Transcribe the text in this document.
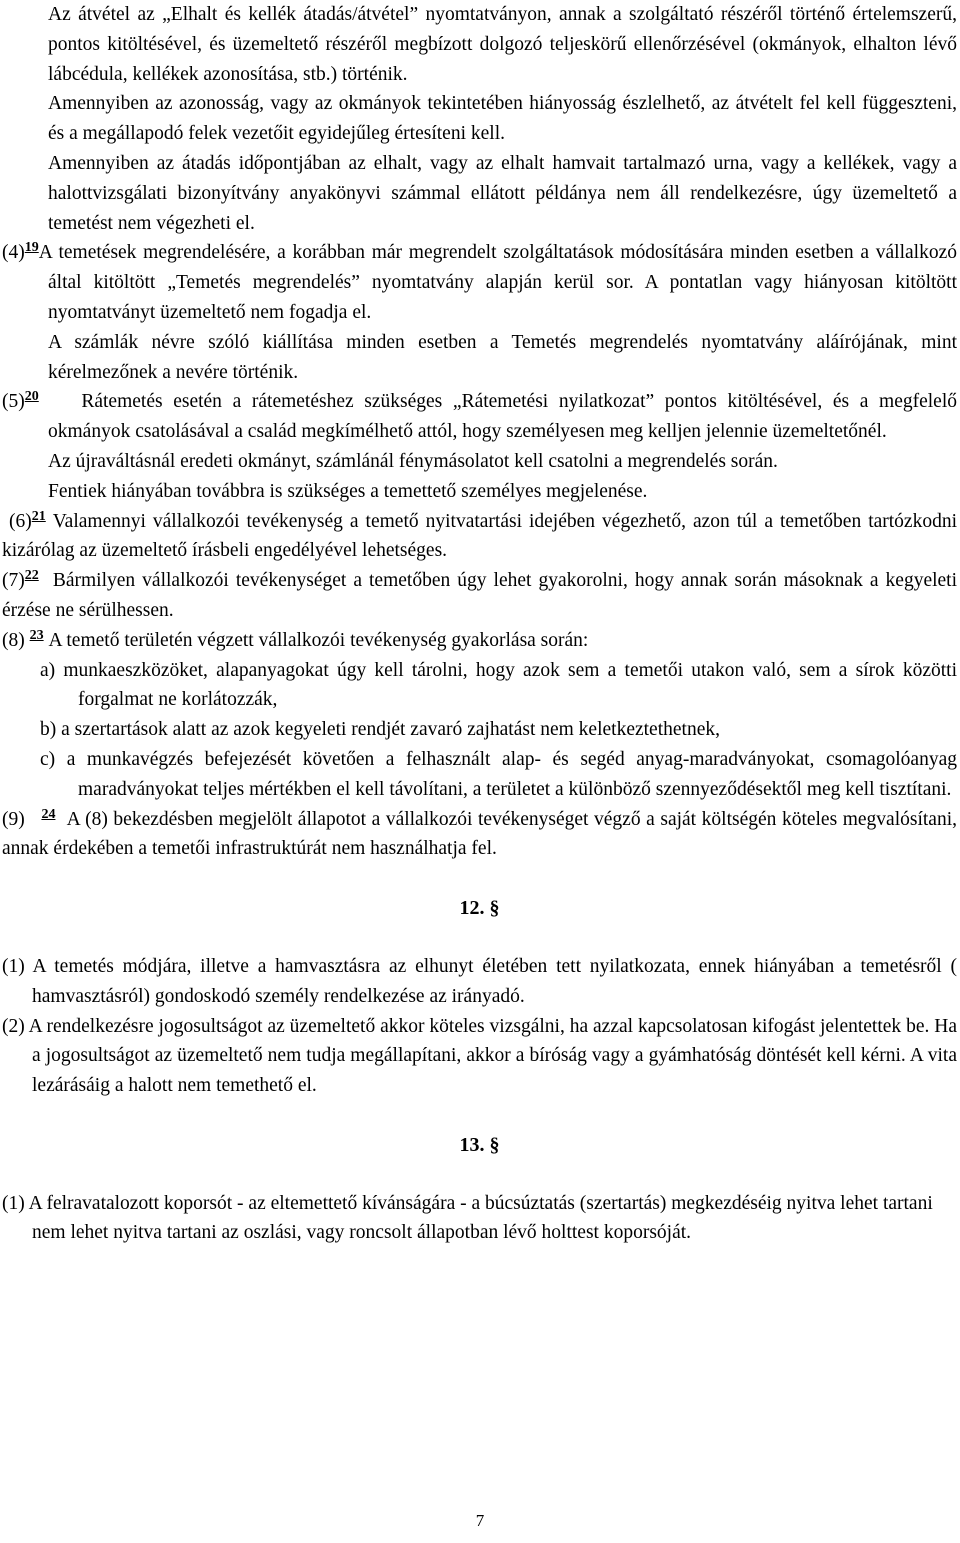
Az átvétel az „Elhalt és kellék átadás/átvétel” nyomtatványon, annak a szolgáltató részéről történő értelemszerű, pontos kitöltésével, és üzemeltető részéről megbízott dolgozó teljeskörű ellenőrzésével (okmányok, elhalton lévő lábcédula, kellékek azonosítása, stb.) történik.

Amennyiben az azonosság, vagy az okmányok tekintetében hiányosság észlelhető, az átvételt fel kell függeszteni, és a megállapodó felek vezetőit egyidejűleg értesíteni kell.

Amennyiben az átadás időpontjában az elhalt, vagy az elhalt hamvait tartalmazó urna, vagy a kellékek, vagy a halottvizsgálati bizonyítvány anyakönyvi számmal ellátott példánya nem áll rendelkezésre, úgy üzemeltető a temetést nem végezheti el.

(4)$^{19}$A temetések megrendelésére, a korábban már megrendelt szolgáltatások módosítására minden esetben a vállalkozó által kitöltött „Temetés megrendelés” nyomtatvány alapján kerül sor. A pontatlan vagy hiányosan kitöltött nyomtatványt üzemeltető nem fogadja el.

A számlák névre szóló kiállítása minden esetben a Temetés megrendelés nyomtatvány aláírójának, mint kérelmezőnek a nevére történik.

(5)$^{20}$ Rátemetés esetén a rátemetéshez szükséges „Rátemetési nyilatkozat” pontos kitöltésével, és a megfelelő okmányok csatolásával a család megkímélhető attól, hogy személyesen meg kelljen jelennie üzemeltetőnél.

Az újraváltásnál eredeti okmányt, számlánál fénymásolatot kell csatolni a megrendelés során.

Fentiek hiányában továbbra is szükséges a temettető személyes megjelenése.

(6)$^{21}$ Valamennyi vállalkozói tevékenység a temető nyitvatartási idejében végezhető, azon túl a temetőben tartózkodni kizárólag az üzemeltető írásbeli engedélyével lehetséges.

(7)$^{22}$ Bármilyen vállalkozói tevékenységet a temetőben úgy lehet gyakorolni, hogy annak során másoknak a kegyeleti érzése ne sérülhessen.

(8) $^{23}$ A temető területén végzett vállalkozói tevékenység gyakorlása során:

a) munkaeszközöket, alapanyagokat úgy kell tárolni, hogy azok sem a temetői utakon való, sem a sírok közötti forgalmat ne korlátozzák,

b) a szertartások alatt az azok kegyeleti rendjét zavaró zajhatást nem keletkeztethetnek,

c) a munkavégzés befejezését követően a felhasznált alap- és segéd anyag-maradványokat, csomagolóanyag maradványokat teljes mértékben el kell távolítani, a területet a különböző szennyeződésektől meg kell tisztítani.

(9) $^{24}$ A (8) bekezdésben megjelölt állapotot a vállalkozói tevékenységet végző a saját költségén köteles megvalósítani, annak érdekében a temetői infrastruktúrát nem használhatja fel.

12. §

(1) A temetés módjára, illetve a hamvasztásra az elhunyt életében tett nyilatkozata, ennek hiányában a temetésről ( hamvasztásról) gondoskodó személy rendelkezése az irányadó.

(2) A rendelkezésre jogosultságot az üzemeltető akkor köteles vizsgálni, ha azzal kapcsolatosan kifogást jelentettek be. Ha a jogosultságot az üzemeltető nem tudja megállapítani, akkor a bíróság vagy a gyámhatóság döntését kell kérni. A vita lezárásáig a halott nem temethető el.

13. §

(1) A felravatalozott koporsót - az eltemettető kívánságára - a búcsúztatás (szertartás) megkezdéséig nyitva lehet tartani

nem lehet nyitva tartani az oszlási, vagy roncsolt állapotban lévő holttest koporsóját.

7
